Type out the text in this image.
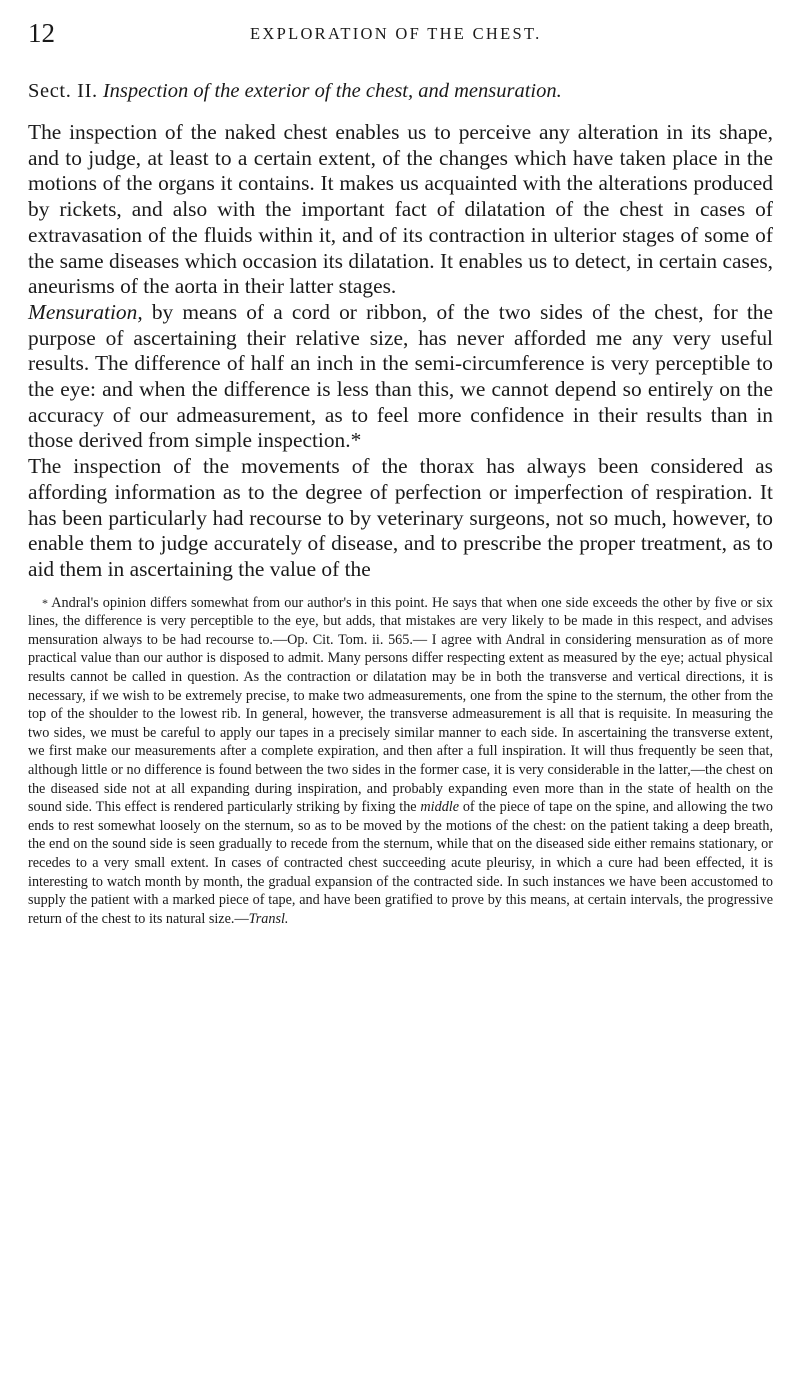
12	EXPLORATION OF THE CHEST.
Sect. II. Inspection of the exterior of the chest, and mensuration.

The inspection of the naked chest enables us to perceive any alteration in its shape, and to judge, at least to a certain extent, of the changes which have taken place in the motions of the organs it contains. It makes us acquainted with the alterations produced by rickets, and also with the important fact of dilatation of the chest in cases of extravasation of the fluids within it, and of its contraction in ulterior stages of some of the same diseases which occasion its dilatation. It enables us to detect, in certain cases, aneurisms of the aorta in their latter stages.

Mensuration, by means of a cord or ribbon, of the two sides of the chest, for the purpose of ascertaining their relative size, has never afforded me any very useful results. The difference of half an inch in the semi-circumference is very perceptible to the eye: and when the difference is less than this, we cannot depend so entirely on the accuracy of our admeasurement, as to feel more confidence in their results than in those derived from simple inspection.*

The inspection of the movements of the thorax has always been considered as affording information as to the degree of perfection or imperfection of respiration. It has been particularly had recourse to by veterinary surgeons, not so much, however, to enable them to judge accurately of disease, and to prescribe the proper treatment, as to aid them in ascertaining the value of the

* Andral's opinion differs somewhat from our author's in this point. He says that when one side exceeds the other by five or six lines, the difference is very perceptible to the eye, but adds, that mistakes are very likely to be made in this respect, and advises mensuration always to be had recourse to.—Op. Cit. Tom. ii. 565.— I agree with Andral in considering mensuration as of more practical value than our author is disposed to admit. Many persons differ respecting extent as measured by the eye; actual physical results cannot be called in question. As the contraction or dilatation may be in both the transverse and vertical directions, it is necessary, if we wish to be extremely precise, to make two admeasurements, one from the spine to the sternum, the other from the top of the shoulder to the lowest rib. In general, however, the transverse admeasurement is all that is requisite. In measuring the two sides, we must be careful to apply our tapes in a precisely similar manner to each side. In ascertaining the transverse extent, we first make our measurements after a complete expiration, and then after a full inspiration. It will thus frequently be seen that, although little or no difference is found between the two sides in the former case, it is very considerable in the latter,—the chest on the diseased side not at all expanding during inspiration, and probably expanding even more than in the state of health on the sound side. This effect is rendered particularly striking by fixing the middle of the piece of tape on the spine, and allowing the two ends to rest somewhat loosely on the sternum, so as to be moved by the motions of the chest: on the patient taking a deep breath, the end on the sound side is seen gradually to recede from the sternum, while that on the diseased side either remains stationary, or recedes to a very small extent. In cases of contracted chest succeeding acute pleurisy, in which a cure had been effected, it is interesting to watch month by month, the gradual expansion of the contracted side. In such instances we have been accustomed to supply the patient with a marked piece of tape, and have been gratified to prove by this means, at certain intervals, the progressive return of the chest to its natural size.—Transl.
